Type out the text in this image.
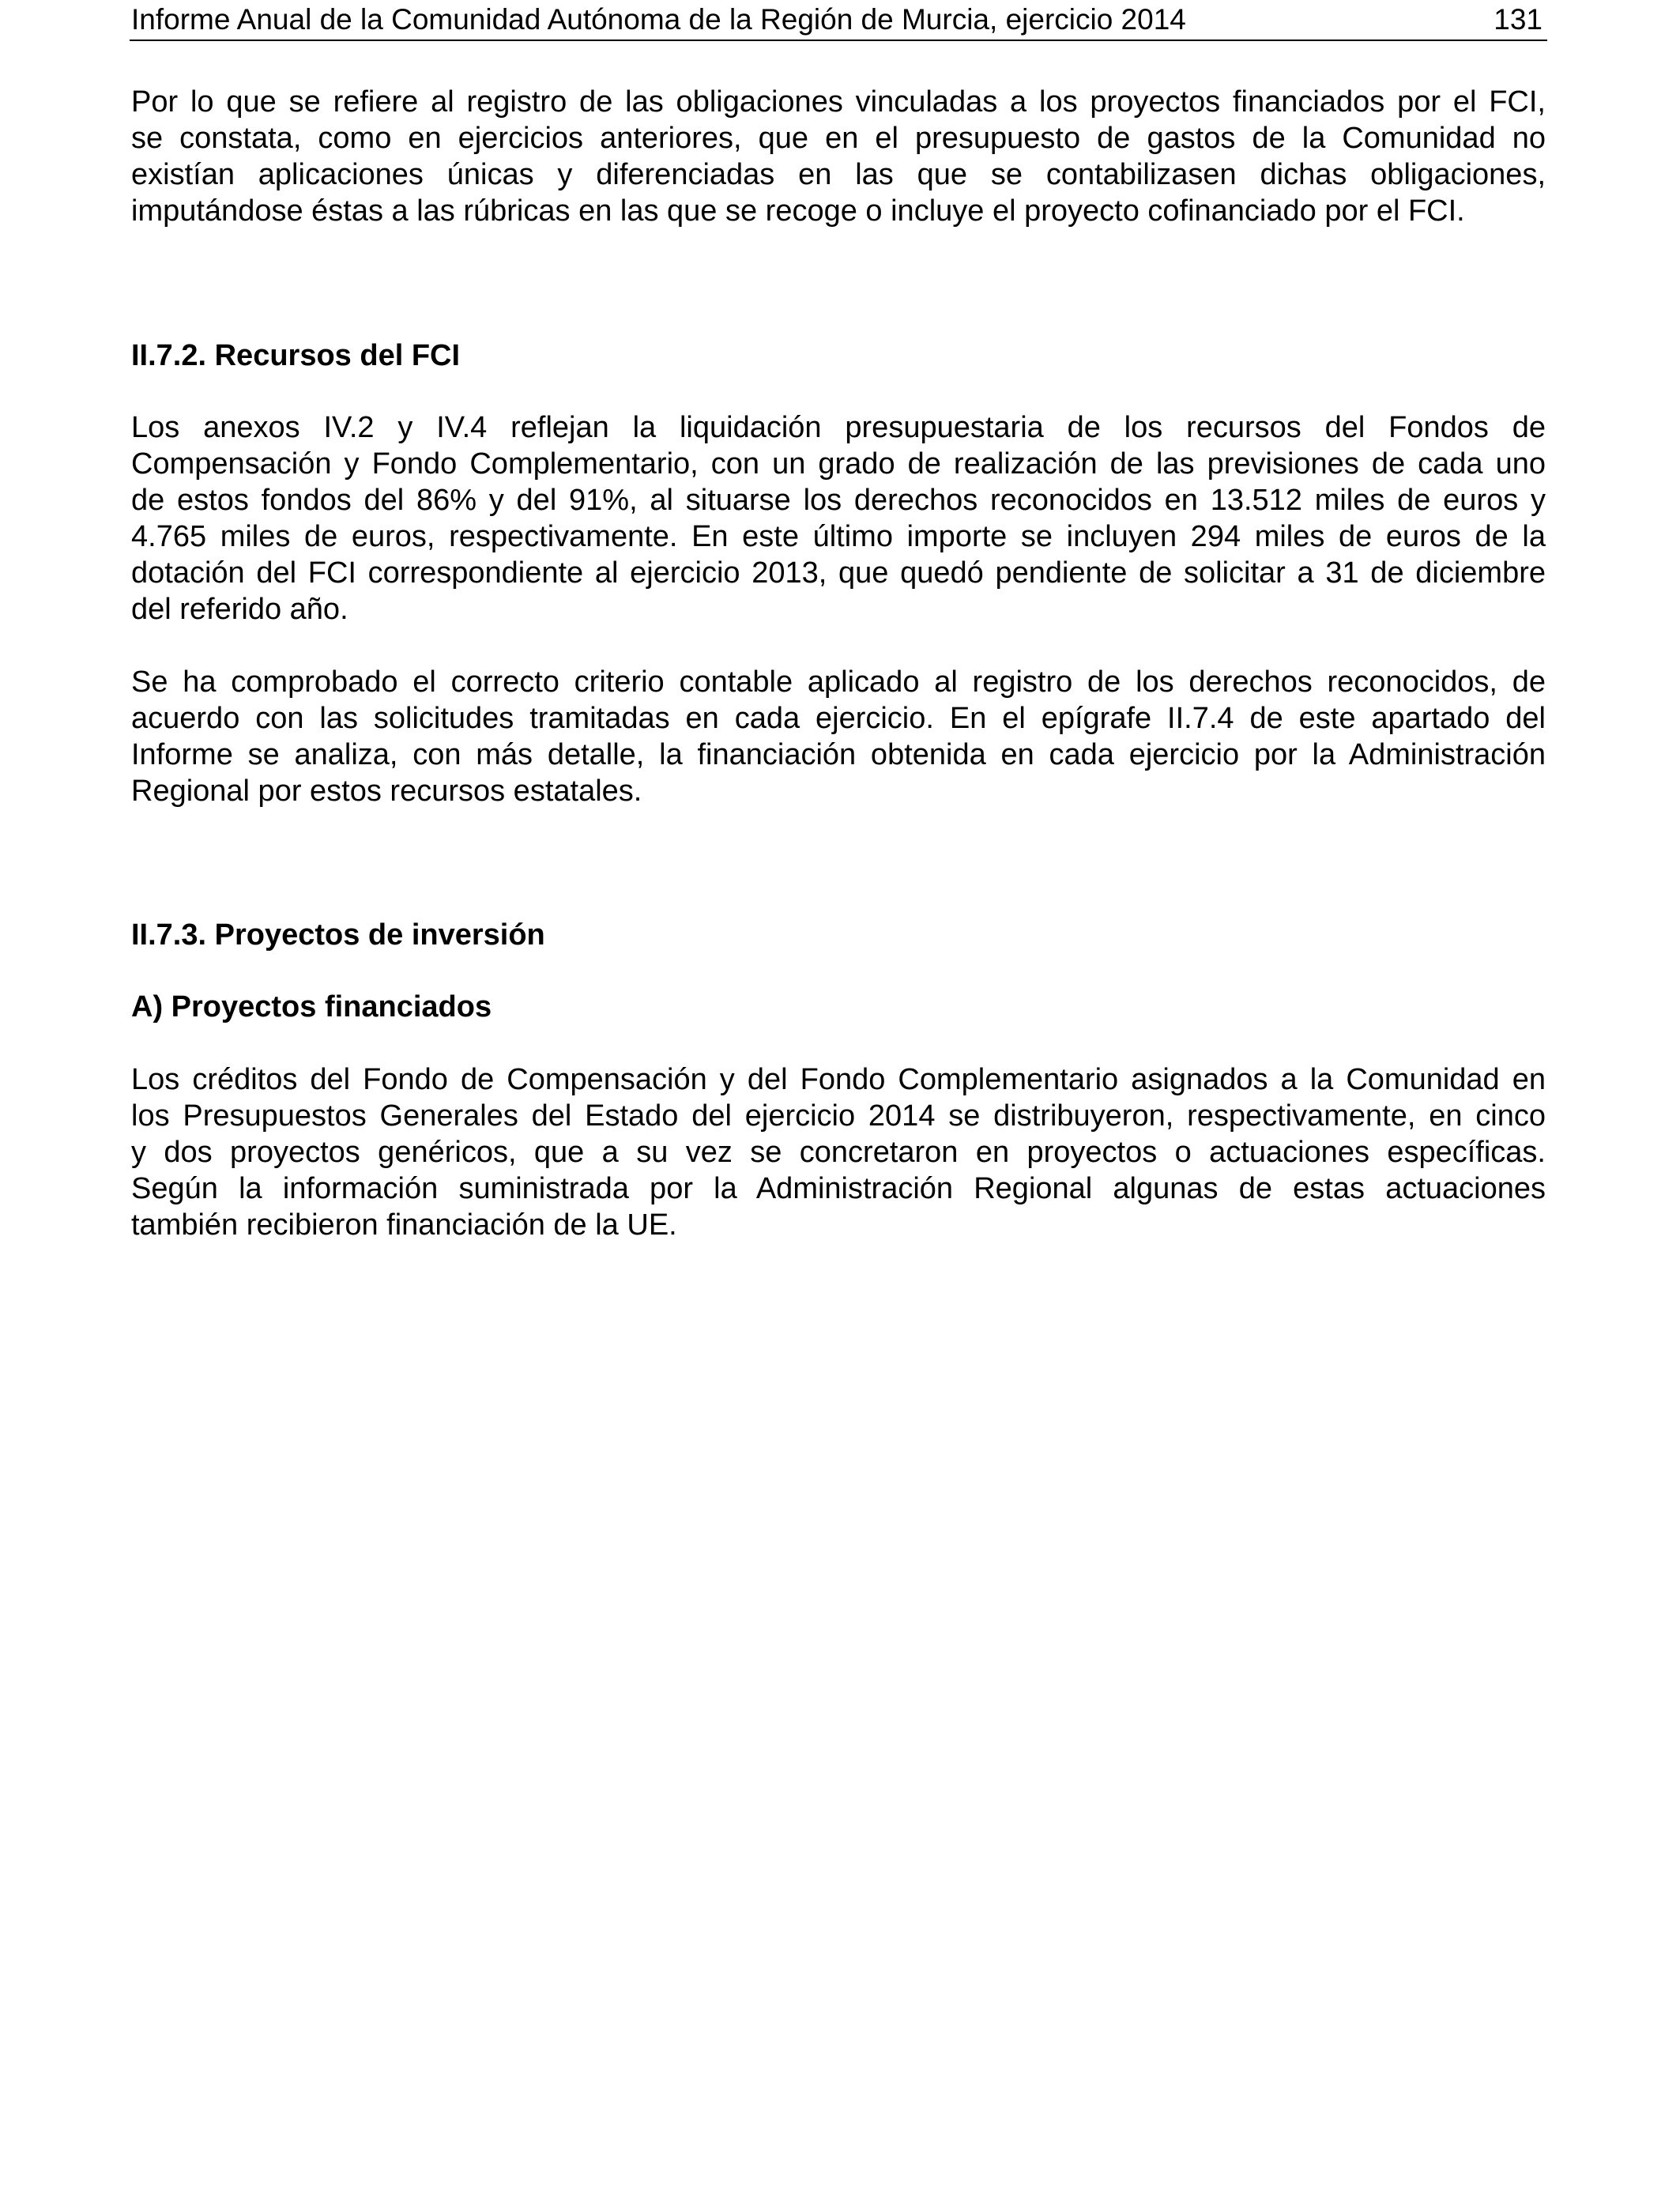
Informe Anual de la Comunidad Autónoma de la Región de Murcia, ejercicio 2014	131
Por lo que se refiere al registro de las obligaciones vinculadas a los proyectos financiados por el FCI,
se constata, como en ejercicios anteriores, que en el presupuesto de gastos de la Comunidad no
existían aplicaciones únicas y diferenciadas en las que se contabilizasen dichas obligaciones,
imputándose éstas a las rúbricas en las que se recoge o incluye el proyecto cofinanciado por el FCI.
II.7.2. Recursos del FCI
Los anexos IV.2 y IV.4 reflejan la liquidación presupuestaria de los recursos del Fondos de
Compensación y Fondo Complementario, con un grado de realización de las previsiones de cada uno
de estos fondos del 86% y del 91%, al situarse los derechos reconocidos en 13.512 miles de euros y
4.765 miles de euros, respectivamente. En este último importe se incluyen 294 miles de euros de la
dotación del FCI correspondiente al ejercicio 2013, que quedó pendiente de solicitar a 31 de diciembre
del referido año.
Se ha comprobado el correcto criterio contable aplicado al registro de los derechos reconocidos, de
acuerdo con las solicitudes tramitadas en cada ejercicio. En el epígrafe II.7.4 de este apartado del
Informe se analiza, con más detalle, la financiación obtenida en cada ejercicio por la Administración
Regional por estos recursos estatales.
II.7.3. Proyectos de inversión
A) Proyectos financiados
Los créditos del Fondo de Compensación y del Fondo Complementario asignados a la Comunidad en
los Presupuestos Generales del Estado del ejercicio 2014 se distribuyeron, respectivamente, en cinco
y dos proyectos genéricos, que a su vez se concretaron en proyectos o actuaciones específicas.
Según la información suministrada por la Administración Regional algunas de estas actuaciones
también recibieron financiación de la UE.
